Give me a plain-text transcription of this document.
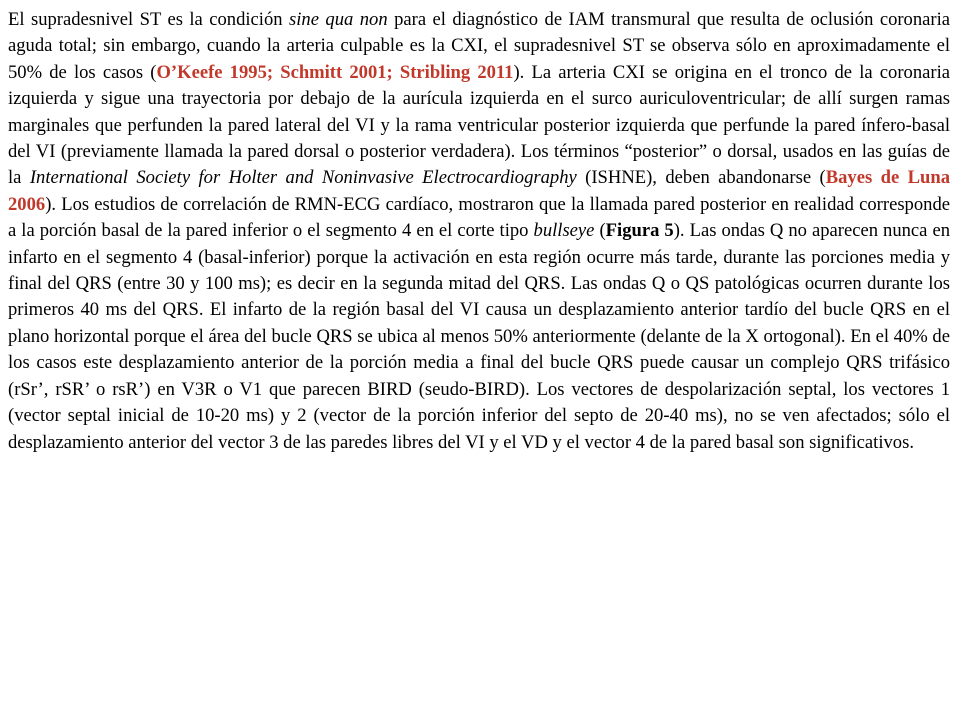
El supradesnivel ST es la condición sine qua non para el diagnóstico de IAM transmural que resulta de oclusión coronaria aguda total; sin embargo, cuando la arteria culpable es la CXI, el supradesnivel ST se observa sólo en aproximadamente el 50% de los casos (O’Keefe 1995; Schmitt 2001; Stribling 2011). La arteria CXI se origina en el tronco de la coronaria izquierda y sigue una trayectoria por debajo de la aurícula izquierda en el surco auriculoventricular; de allí surgen ramas marginales que perfunden la pared lateral del VI y la rama ventricular posterior izquierda que perfunde la pared ínfero-basal del VI (previamente llamada la pared dorsal o posterior verdadera). Los términos “posterior” o dorsal, usados en las guías de la International Society for Holter and Noninvasive Electrocardiography (ISHNE), deben abandonarse (Bayes de Luna 2006). Los estudios de correlación de RMN-ECG cardíaco, mostraron que la llamada pared posterior en realidad corresponde a la porción basal de la pared inferior o el segmento 4 en el corte tipo bullseye (Figura 5). Las ondas Q no aparecen nunca en infarto en el segmento 4 (basal-inferior) porque la activación en esta región ocurre más tarde, durante las porciones media y final del QRS (entre 30 y 100 ms); es decir en la segunda mitad del QRS. Las ondas Q o QS patológicas ocurren durante los primeros 40 ms del QRS. El infarto de la región basal del VI causa un desplazamiento anterior tardío del bucle QRS en el plano horizontal porque el área del bucle QRS se ubica al menos 50% anteriormente (delante de la X ortogonal). En el 40% de los casos este desplazamiento anterior de la porción media a final del bucle QRS puede causar un complejo QRS trifásico (rSr’, rSR’ o rsR’) en V3R o V1 que parecen BIRD (seudo-BIRD). Los vectores de despolarización septal, los vectores 1 (vector septal inicial de 10-20 ms) y 2 (vector de la porción inferior del septo de 20-40 ms), no se ven afectados; sólo el desplazamiento anterior del vector 3 de las paredes libres del VI y el VD y el vector 4 de la pared basal son significativos.
